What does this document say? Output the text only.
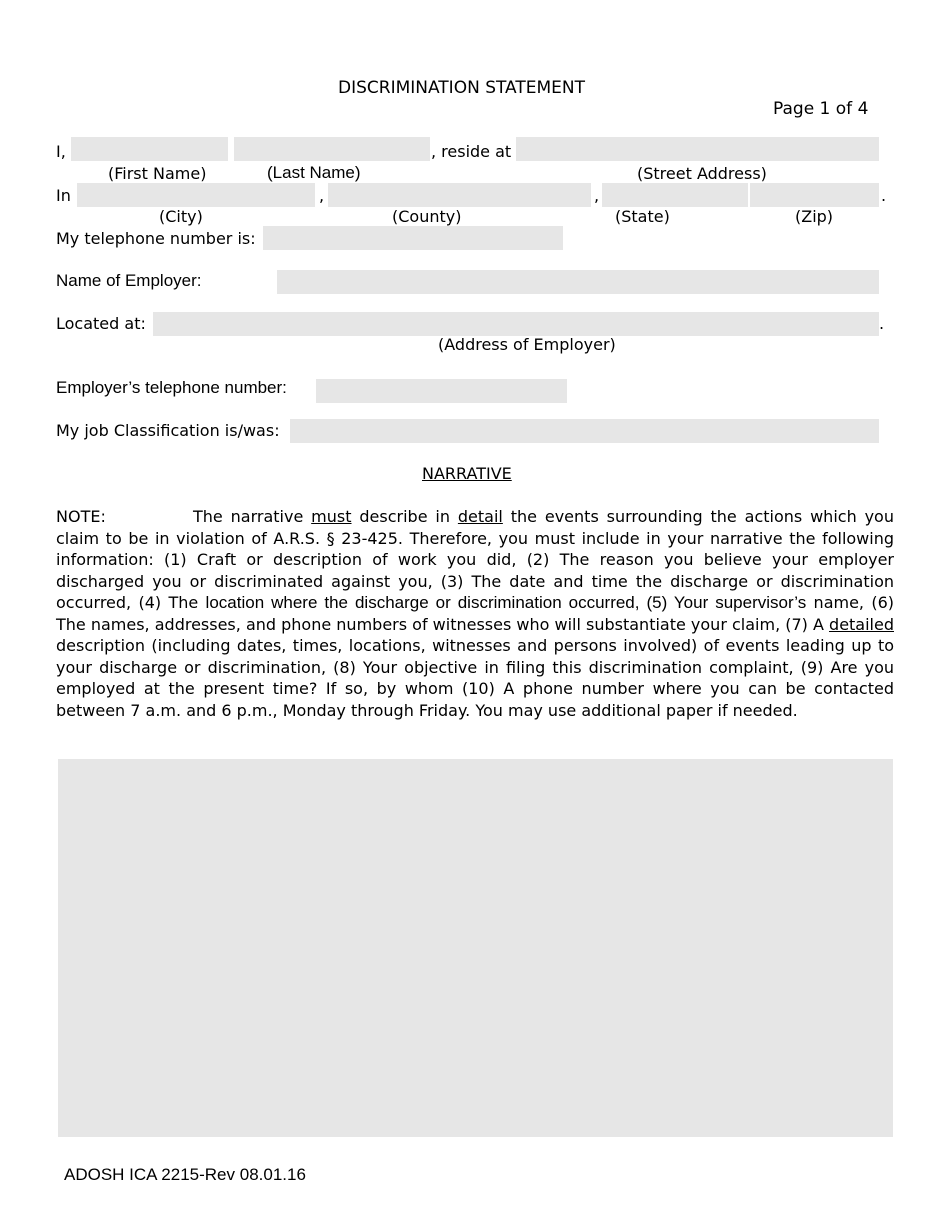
DISCRIMINATION STATEMENT
Page 1 of 4
I,	, reside at
(First Name)	(Last Name)	(Street Address)
In	,	,	.
(City)	(County)	(State)	(Zip)
My telephone number is:
Name of Employer:
Located at:	.
(Address of Employer)
Employer’s telephone number:
My job Classification is/was:
NARRATIVE
NOTE:	The narrative must describe in detail the events surrounding the actions which you claim to be in violation of A.R.S. § 23-425. Therefore, you must include in your narrative the following information: (1) Craft or description of work you did, (2) The reason you believe your employer discharged you or discriminated against you, (3) The date and time the discharge or discrimination occurred, (4) The location where the discharge or discrimination occurred, (5) Your supervisor’s name, (6) The names, addresses, and phone numbers of witnesses who will substantiate your claim, (7) A detailed description (including dates, times, locations, witnesses and persons involved) of events leading up to your discharge or discrimination, (8) Your objective in filing this discrimination complaint, (9) Are you employed at the present time? If so, by whom (10) A phone number where you can be contacted between 7 a.m. and 6 p.m., Monday through Friday. You may use additional paper if needed.
ADOSH ICA 2215-Rev 08.01.16
